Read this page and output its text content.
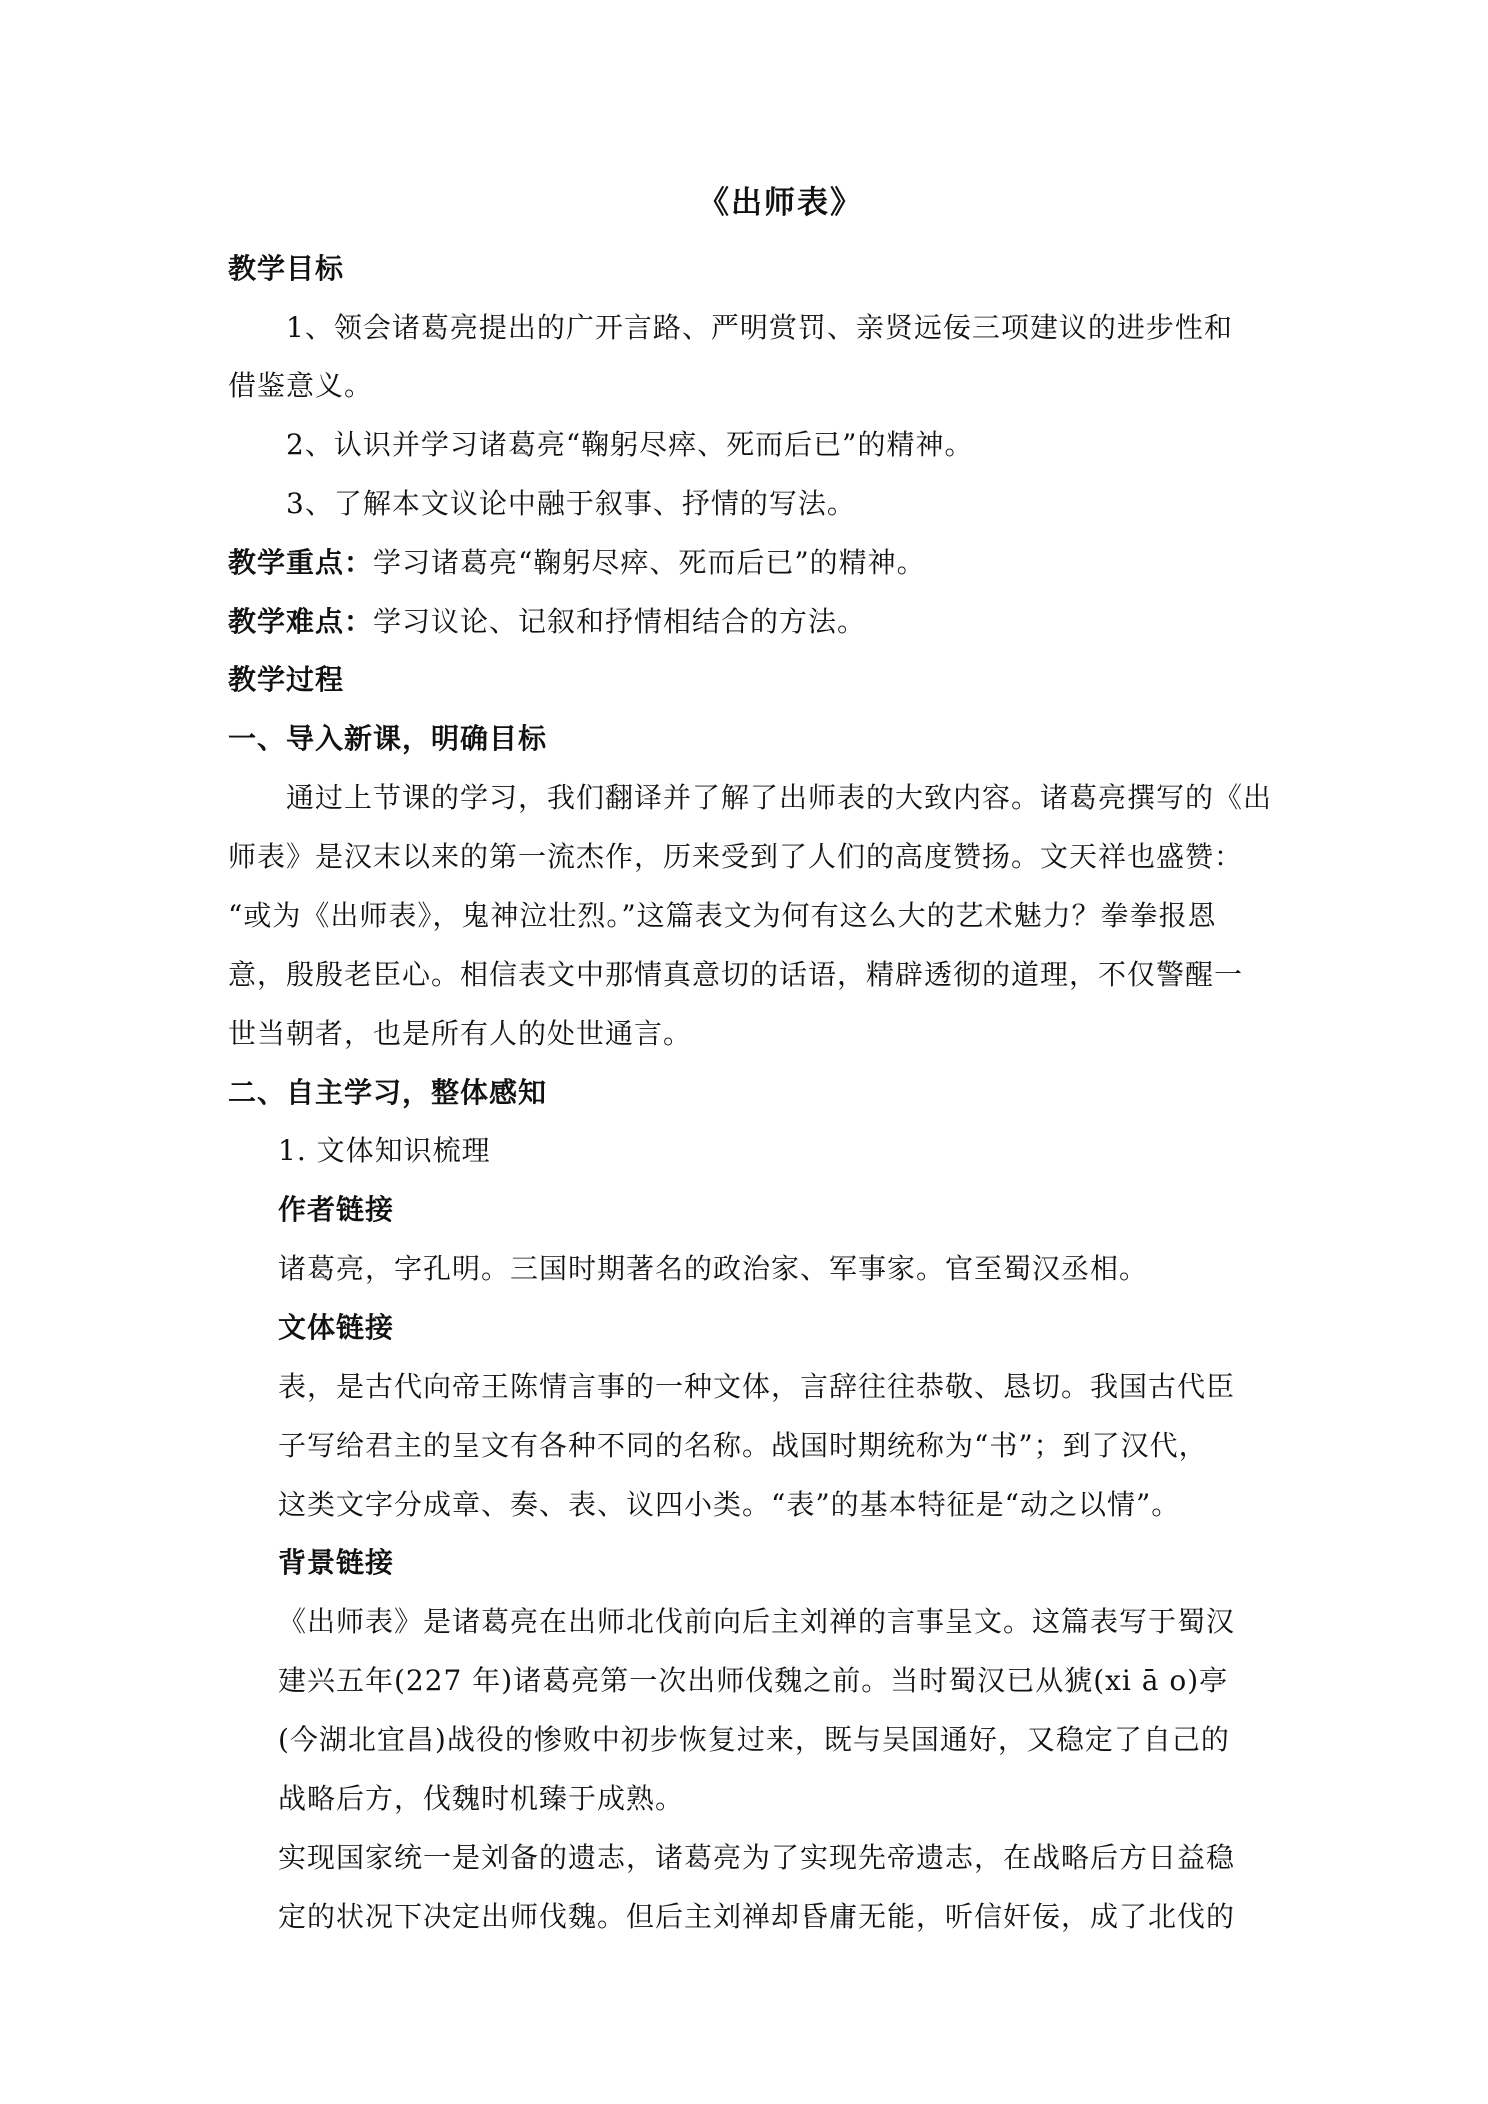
《出师表》
教学目标
1、领会诸葛亮提出的广开言路、严明赏罚、亲贤远佞三项建议的进步性和
借鉴意义。
2、认识并学习诸葛亮“鞠躬尽瘁、死而后已”的精神。
3、了解本文议论中融于叙事、抒情的写法。
教学重点：学习诸葛亮“鞠躬尽瘁、死而后已”的精神。
教学难点：学习议论、记叙和抒情相结合的方法。
教学过程
一、导入新课，明确目标
通过上节课的学习，我们翻译并了解了出师表的大致内容。诸葛亮撰写的《出
师表》是汉末以来的第一流杰作，历来受到了人们的高度赞扬。文天祥也盛赞：
“或为《出师表》，鬼神泣壮烈。”这篇表文为何有这么大的艺术魅力？拳拳报恩
意，殷殷老臣心。相信表文中那情真意切的话语，精辟透彻的道理，不仅警醒一
世当朝者，也是所有人的处世通言。
二、自主学习，整体感知
1. 文体知识梳理
作者链接
诸葛亮，字孔明。三国时期著名的政治家、军事家。官至蜀汉丞相。
文体链接
表，是古代向帝王陈情言事的一种文体，言辞往往恭敬、恳切。我国古代臣
子写给君主的呈文有各种不同的名称。战国时期统称为“书”；到了汉代，
这类文字分成章、奏、表、议四小类。“表”的基本特征是“动之以情”。
背景链接
《出师表》是诸葛亮在出师北伐前向后主刘禅的言事呈文。这篇表写于蜀汉
建兴五年(227 年)诸葛亮第一次出师伐魏之前。当时蜀汉已从猇(xi ā o)亭
(今湖北宜昌)战役的惨败中初步恢复过来，既与吴国通好，又稳定了自己的
战略后方，伐魏时机臻于成熟。
实现国家统一是刘备的遗志，诸葛亮为了实现先帝遗志，在战略后方日益稳
定的状况下决定出师伐魏。但后主刘禅却昏庸无能，听信奸佞，成了北伐的
